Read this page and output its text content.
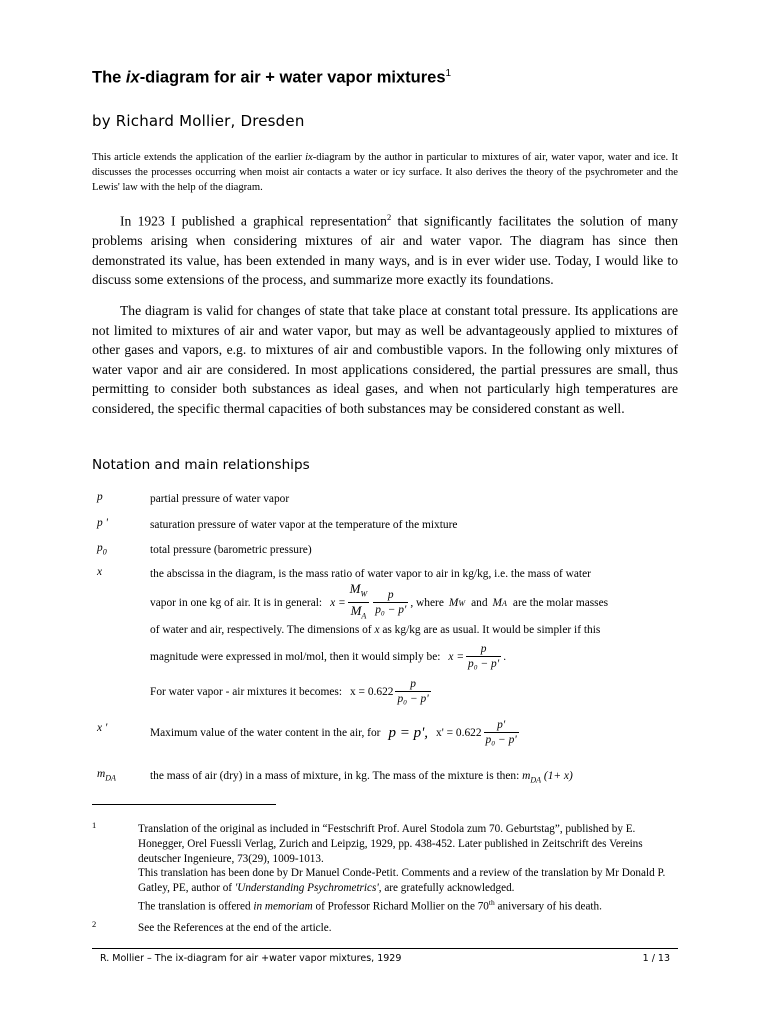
The ix-diagram for air + water vapor mixtures$^1$
by Richard Mollier, Dresden
This article extends the application of the earlier ix-diagram by the author in particular to mixtures of air, water vapor, water and ice. It discusses the processes occurring when moist air contacts a water or icy surface. It also derives the theory of the psychrometer and the Lewis' law with the help of the diagram.
In 1923 I published a graphical representation$^2$ that significantly facilitates the solution of many problems arising when considering mixtures of air and water vapor. The diagram has since then demonstrated its value, has been extended in many ways, and is in ever wider use. Today, I would like to discuss some extensions of the process, and summarize more exactly its foundations.
The diagram is valid for changes of state that take place at constant total pressure. Its applications are not limited to mixtures of air and water vapor, but may as well be advantageously applied to mixtures of other gases and vapors, e.g. to mixtures of air and combustible vapors. In the following only mixtures of water vapor and air are considered. In most applications considered, the partial pressures are small, thus permitting to consider both substances as ideal gases, and when not particularly high temperatures are considered, the specific thermal capacities of both substances may be considered constant as well.
Notation and main relationships
p	partial pressure of water vapor
p '	saturation pressure of water vapor at the temperature of the mixture
$p_0$	total pressure (barometric pressure)
x	the abscissa in the diagram, is the mass ratio of water vapor to air in kg/kg, i.e. the mass of water
vapor in one kg of air. It is in general: $x = \frac{M_W}{M_A} \frac{p}{\text{p₀ − p'}}$ , where M W and M A are the molar masses
of water and air, respectively. The dimensions of x as kg/kg are as usual. It would be simpler if this
magnitude were expressed in mol/mol, then it would simply be: $x = \frac{p}{\text{p₀ − p'}}$ .
For water vapor - air mixtures it becomes: $x = 0.622 \frac{p}{\text{p₀ − p'}}$
x '	Maximum value of the water content in the air, for p = p', $x' = 0.622 \frac{p'}{\text{p₀ − p'}}$
$m_{DA}$	the mass of air (dry) in a mass of mixture, in kg. The mass of the mixture is then: $m_{DA}$ (1+ x)
1	Translation of the original as included in “Festschrift Prof. Aurel Stodola zum 70. Geburtstag”, published by E. Honegger, Orel Fuessli Verlag, Zurich and Leipzig, 1929, pp. 438-452. Later published in Zeitschrift des Vereins deutscher Ingenieure, 73(29), 1009-1013.
This translation has been done by Dr Manuel Conde-Petit. Comments and a review of the translation by Mr Donald P. Gatley, PE, author of 'Understanding Psychrometrics', are gratefully acknowledged.
The translation is offered in memoriam of Professor Richard Mollier on the 70th aniversary of his death.
2	See the References at the end of the article.
R. Mollier – The ix-diagram for air +water vapor mixtures, 1929	1 / 13
